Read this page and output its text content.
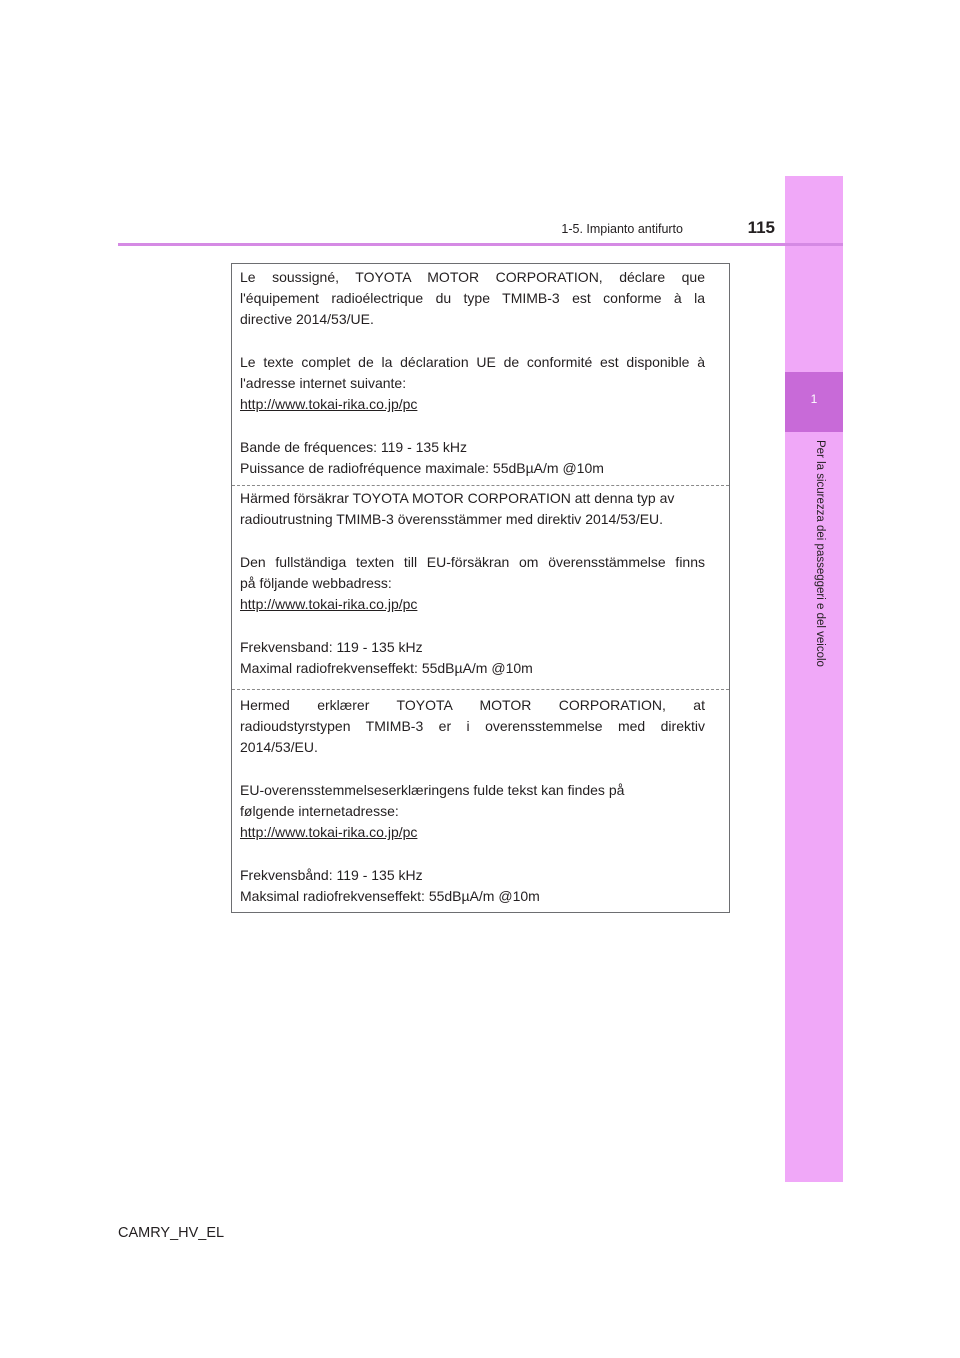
1
Per la sicurezza dei passeggeri e del veicolo
1-5. Impianto antifurto	115

Le soussigné, TOYOTA MOTOR CORPORATION, déclare que

l'équipement radioélectrique du type TMIMB-3 est conforme à la

directive 2014/53/UE.

Le texte complet de la déclaration UE de conformité est disponible à

l'adresse internet suivante:

http://www.tokai-rika.co.jp/pc

Bande de fréquences: 119 - 135 kHz

Puissance de radiofréquence maximale: 55dBµA/m @10m

Härmed försäkrar TOYOTA MOTOR CORPORATION att denna typ av

radioutrustning TMIMB-3 överensstämmer med direktiv 2014/53/EU.

Den fullständiga texten till EU-försäkran om överensstämmelse finns

på följande webbadress:

http://www.tokai-rika.co.jp/pc

Frekvensband: 119 - 135 kHz

Maximal radiofrekvenseffekt: 55dBµA/m @10m

Hermed erklærer TOYOTA MOTOR CORPORATION, at

radioudstyrstypen TMIMB-3 er i overensstemmelse med direktiv

2014/53/EU.

EU-overensstemmelseserklæringens fulde tekst kan findes på

følgende internetadresse:

http://www.tokai-rika.co.jp/pc

Frekvensbånd: 119 - 135 kHz

Maksimal radiofrekvenseffekt: 55dBµA/m @10m

CAMRY_HV_EL
